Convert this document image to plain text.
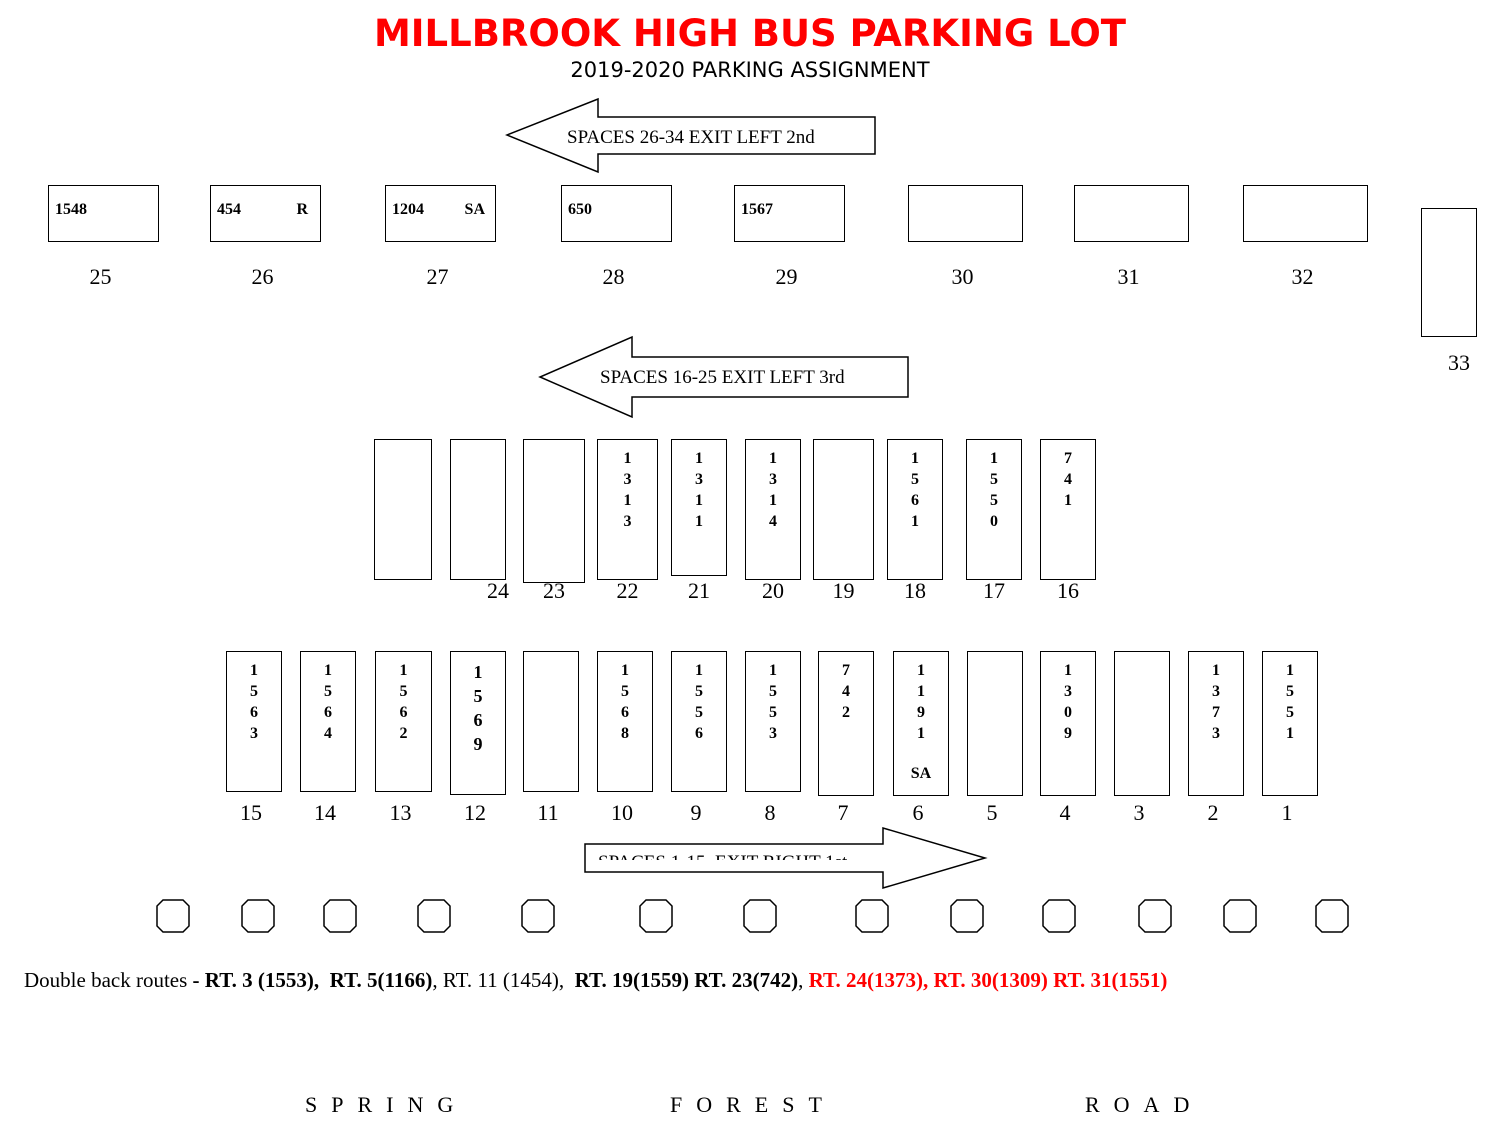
MILLBROOK HIGH BUS PARKING LOT
2019-2020 PARKING ASSIGNMENT
SPACES 26-34 EXIT LEFT 2nd
SPACES 16-25 EXIT LEFT 3rd
1548
25
454	R
26
1204	SA
27
650
28
1567
29	30	31	32
24	23
1
3
1
3
22
1
3
1
1
21
1
3
1
4
20	19
1
5
6
1
18
1
5
5
0
17
7
4
1
16
1
5
6
3
15
1
5
6
4
14
1
5
6
2
13
1
5
6
9
12	11
1
5
6
8
10
1
5
5
6
9
1
5
5
3
8
7
4
2
7
1
1
9
1
SA
6	5
1
3
0
9
4	3
1
3
7
3
2
1
5
5
1
1
33
Double back routes - RT. 3 (1553),  RT. 5(1166), RT. 11 (1454),  RT. 19(1559) RT. 23(742), RT. 24(1373), RT. 30(1309) RT. 31(1551)
SPRING	FOREST	ROAD
